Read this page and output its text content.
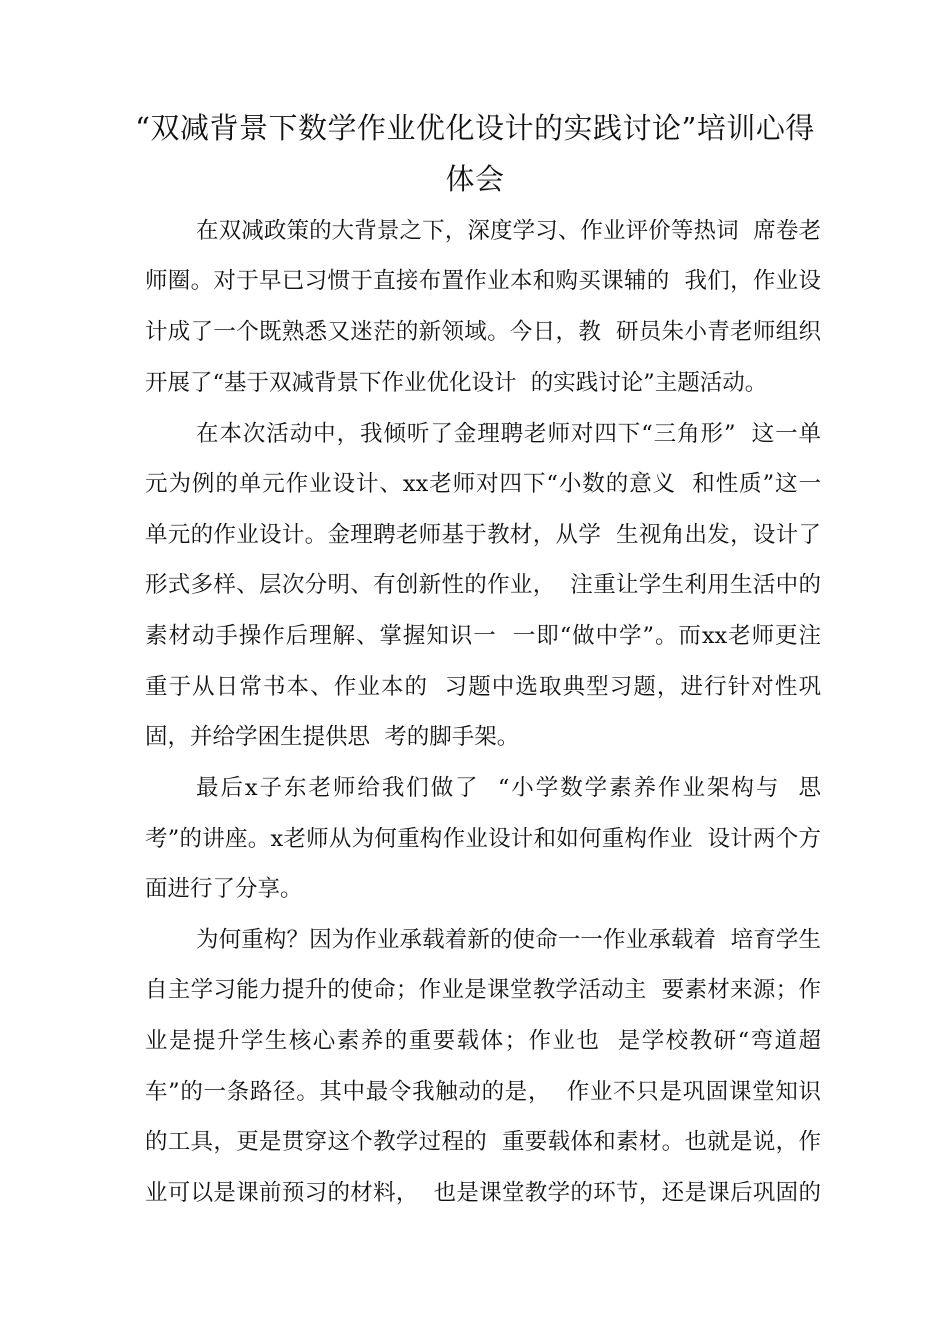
“双减背景下数学作业优化设计的实践讨论”培训心得
体会
在双减政策的大背景之下，深度学习、作业评价等热词  席卷老
师圈。对于早已习惯于直接布置作业本和购买课辅的  我们，作业设
计成了一个既熟悉又迷茫的新领域。今日，教  研员朱小青老师组织
开展了“基于双减背景下作业优化设计  的实践讨论”主题活动。
在本次活动中，我倾听了金理聘老师对四下“三角形”  这一单
元为例的单元作业设计、xx老师对四下“小数的意义  和性质”这一
单元的作业设计。金理聘老师基于教材，从学  生视角出发，设计了
形式多样、层次分明、有创新性的作业，  注重让学生利用生活中的
素材动手操作后理解、掌握知识一  一即“做中学”。而xx老师更注
重于从日常书本、作业本的  习题中选取典型习题，进行针对性巩
固，并给学困生提供思  考的脚手架。
最后x子东老师给我们做了  “小学数学素养作业架构与  思
考”的讲座。x老师从为何重构作业设计和如何重构作业  设计两个方
面进行了分享。
为何重构？因为作业承载着新的使命一一作业承载着  培育学生
自主学习能力提升的使命；作业是课堂教学活动主  要素材来源；作
业是提升学生核心素养的重要载体；作业也  是学校教研“弯道超
车”的一条路径。其中最令我触动的是，  作业不只是巩固课堂知识
的工具，更是贯穿这个教学过程的  重要载体和素材。也就是说，作
业可以是课前预习的材料，  也是课堂教学的环节，还是课后巩固的
